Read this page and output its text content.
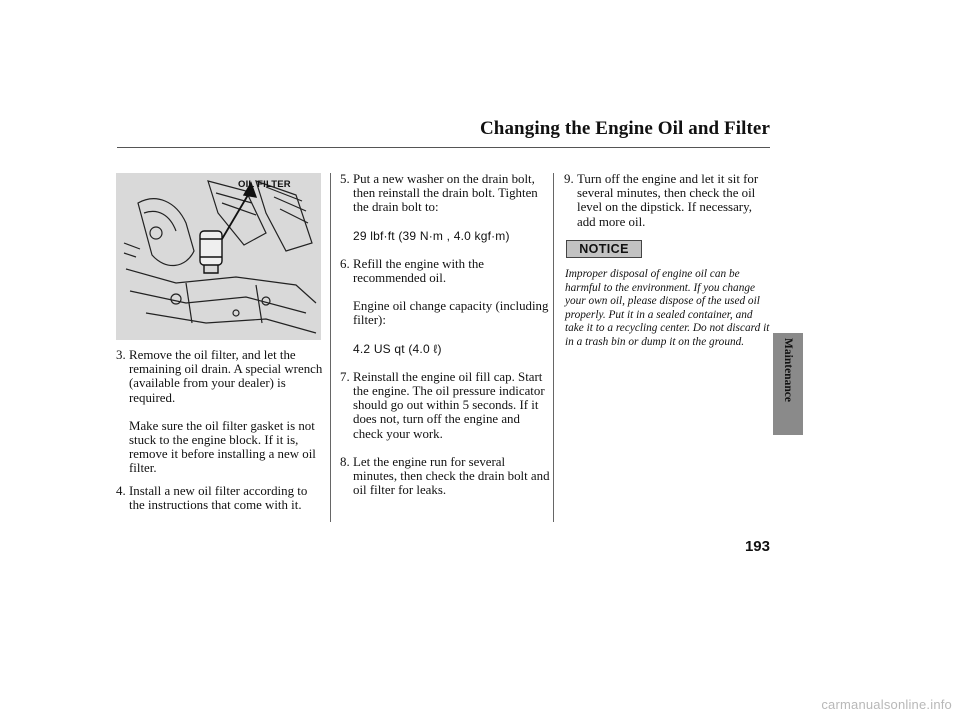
Changing the Engine Oil and Filter
OIL FILTER
3. Remove the oil filter, and let the remaining oil drain. A special wrench (available from your dealer) is required.

Make sure the oil filter gasket is not stuck to the engine block. If it is, remove it before installing a new oil filter.

4. Install a new oil filter according to the instructions that come with it.

5. Put a new washer on the drain bolt, then reinstall the drain bolt. Tighten the drain bolt to:

29 lbf·ft (39 N·m , 4.0 kgf·m)

6. Refill the engine with the recommended oil.

Engine oil change capacity (including filter):

4.2 US qt (4.0 ℓ)

7. Reinstall the engine oil fill cap. Start the engine. The oil pressure indicator should go out within 5 seconds. If it does not, turn off the engine and check your work.

8. Let the engine run for several minutes, then check the drain bolt and oil filter for leaks.

9. Turn off the engine and let it sit for several minutes, then check the oil level on the dipstick. If necessary, add more oil.

NOTICE

Improper disposal of engine oil can be harmful to the environment. If you change your own oil, please dispose of the used oil properly. Put it in a sealed container, and take it to a recycling center. Do not discard it in a trash bin or dump it on the ground.	Maintenance
193
carmanualsonline.info
